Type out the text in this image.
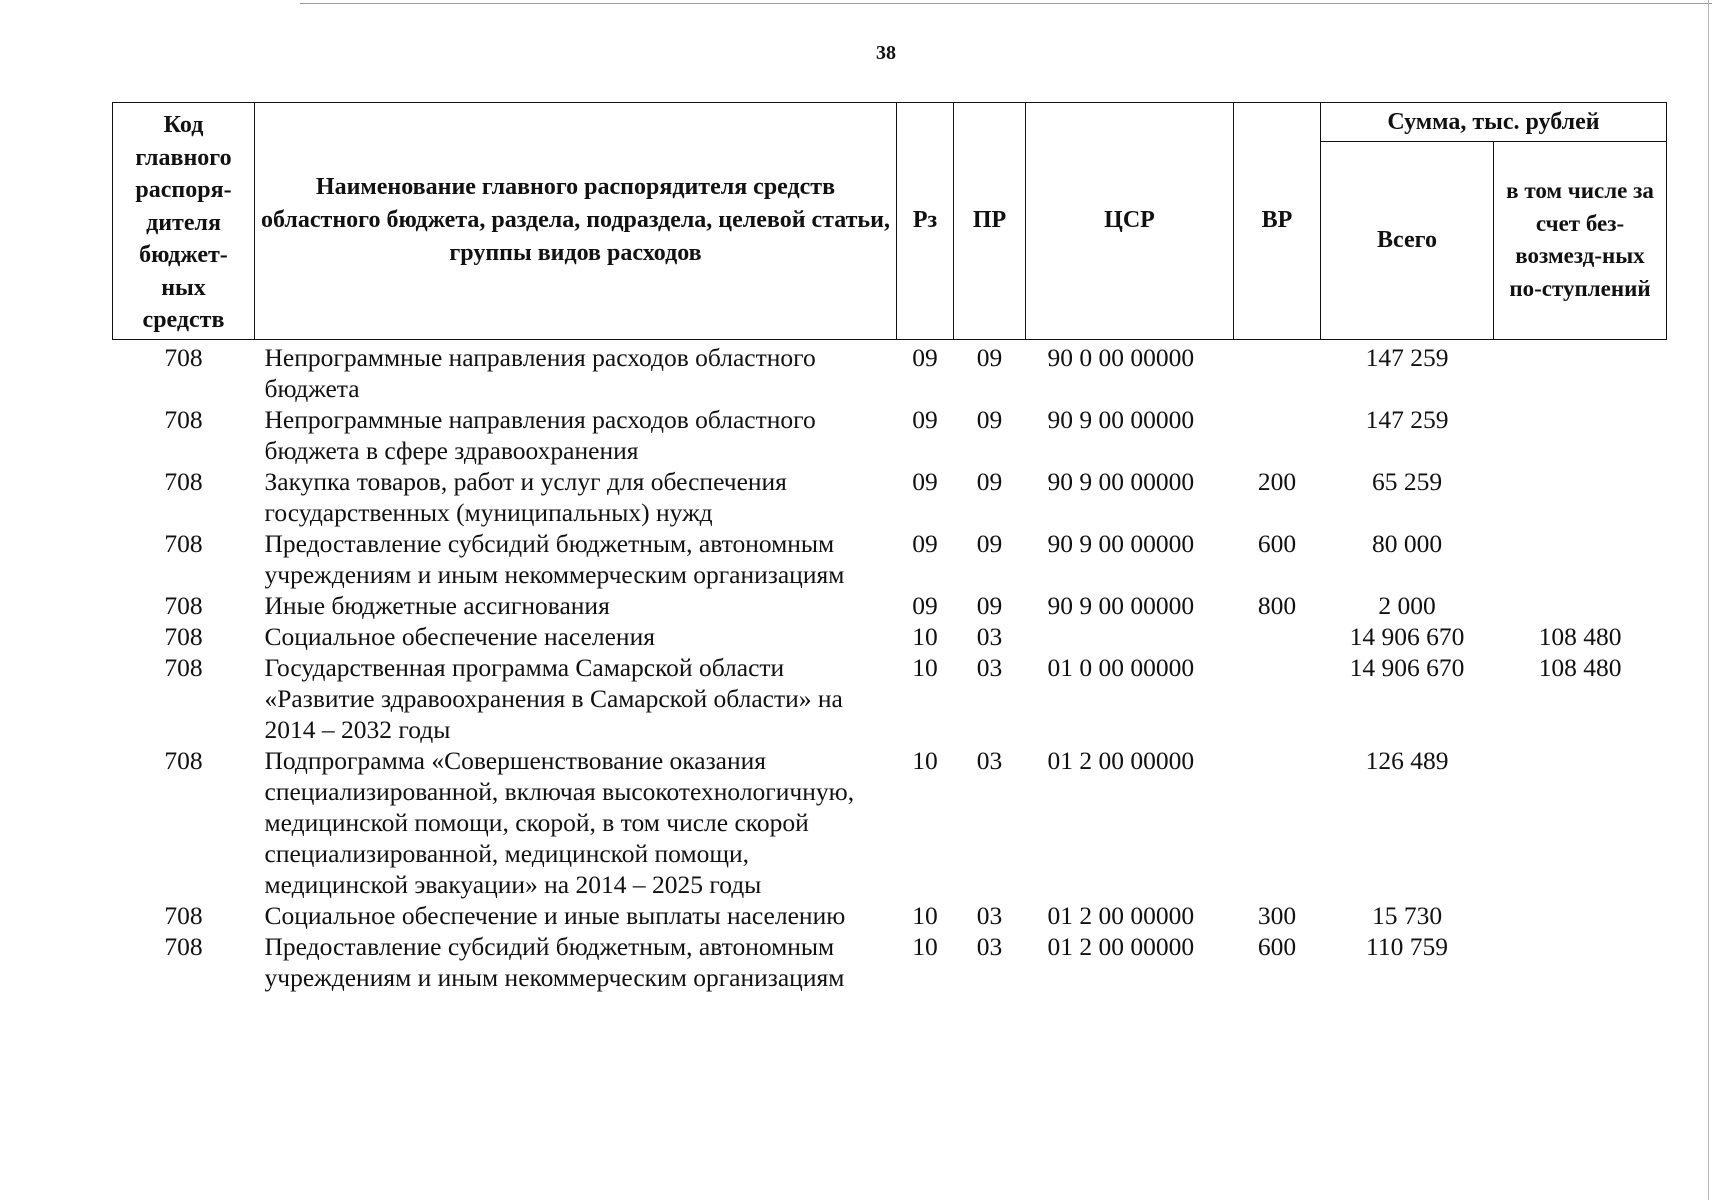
38
Код главного распоря-дителя бюджет-ных средств	Наименование главного распорядителя средств областного бюджета, раздела, подраздела, целевой статьи, группы видов расходов	Рз	ПР	ЦСР	ВР	Сумма, тыс. рублей	
						Всего	в том числе за счет без-возмезд-ных по-ступлений
708	Непрограммные направления расходов областного бюджета	09	09	90 0 00 00000		147 259	
708	Непрограммные направления расходов областного бюджета в сфере здравоохранения	09	09	90 9 00 00000		147 259	
708	Закупка товаров, работ и услуг для обеспечения государственных (муниципальных) нужд	09	09	90 9 00 00000	200	65 259	
708	Предоставление субсидий бюджетным, автономным учреждениям и иным некоммерческим организациям	09	09	90 9 00 00000	600	80 000	
708	Иные бюджетные ассигнования	09	09	90 9 00 00000	800	2 000	
708	Социальное обеспечение населения	10	03			14 906 670	108 480
708	Государственная программа Самарской области «Развитие здравоохранения в Самарской области» на 2014 – 2032 годы	10	03	01 0 00 00000		14 906 670	108 480
708	Подпрограмма «Совершенствование оказания специализированной, включая высокотехнологичную, медицинской помощи, скорой, в том числе скорой специализированной, медицинской помощи, медицинской эвакуации» на 2014 – 2025 годы	10	03	01 2 00 00000		126 489	
708	Социальное обеспечение и иные выплаты населению	10	03	01 2 00 00000	300	15 730	
708	Предоставление субсидий бюджетным, автономным учреждениям и иным некоммерческим организациям	10	03	01 2 00 00000	600	110 759	
